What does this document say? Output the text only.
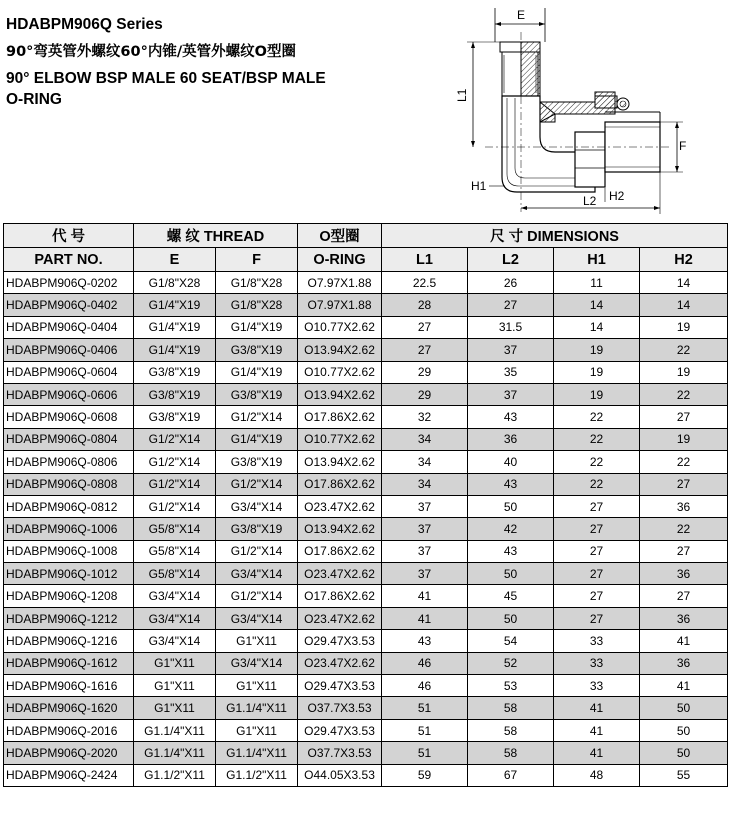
HDABPM906Q Series
90°弯英管外螺纹60°内锥/英管外螺纹O型圈
90° ELBOW BSP MALE 60 SEAT/BSP MALE
O-RING
E
L1
F
H1
H2
L2
代 号	螺 纹 THREAD		O型圈	尺 寸 DIMENSIONS			
PART NO.	E	F	O-RING	L1	L2	H1	H2
HDABPM906Q-0202	G1/8"X28	G1/8"X28	O7.97X1.88	22.5	26	11	14
HDABPM906Q-0402	G1/4"X19	G1/8"X28	O7.97X1.88	28	27	14	14
HDABPM906Q-0404	G1/4"X19	G1/4"X19	O10.77X2.62	27	31.5	14	19
HDABPM906Q-0406	G1/4"X19	G3/8"X19	O13.94X2.62	27	37	19	22
HDABPM906Q-0604	G3/8"X19	G1/4"X19	O10.77X2.62	29	35	19	19
HDABPM906Q-0606	G3/8"X19	G3/8"X19	O13.94X2.62	29	37	19	22
HDABPM906Q-0608	G3/8"X19	G1/2"X14	O17.86X2.62	32	43	22	27
HDABPM906Q-0804	G1/2"X14	G1/4"X19	O10.77X2.62	34	36	22	19
HDABPM906Q-0806	G1/2"X14	G3/8"X19	O13.94X2.62	34	40	22	22
HDABPM906Q-0808	G1/2"X14	G1/2"X14	O17.86X2.62	34	43	22	27
HDABPM906Q-0812	G1/2"X14	G3/4"X14	O23.47X2.62	37	50	27	36
HDABPM906Q-1006	G5/8"X14	G3/8"X19	O13.94X2.62	37	42	27	22
HDABPM906Q-1008	G5/8"X14	G1/2"X14	O17.86X2.62	37	43	27	27
HDABPM906Q-1012	G5/8"X14	G3/4"X14	O23.47X2.62	37	50	27	36
HDABPM906Q-1208	G3/4"X14	G1/2"X14	O17.86X2.62	41	45	27	27
HDABPM906Q-1212	G3/4"X14	G3/4"X14	O23.47X2.62	41	50	27	36
HDABPM906Q-1216	G3/4"X14	G1"X11	O29.47X3.53	43	54	33	41
HDABPM906Q-1612	G1"X11	G3/4"X14	O23.47X2.62	46	52	33	36
HDABPM906Q-1616	G1"X11	G1"X11	O29.47X3.53	46	53	33	41
HDABPM906Q-1620	G1"X11	G1.1/4"X11	O37.7X3.53	51	58	41	50
HDABPM906Q-2016	G1.1/4"X11	G1"X11	O29.47X3.53	51	58	41	50
HDABPM906Q-2020	G1.1/4"X11	G1.1/4"X11	O37.7X3.53	51	58	41	50
HDABPM906Q-2424	G1.1/2"X11	G1.1/2"X11	O44.05X3.53	59	67	48	55
